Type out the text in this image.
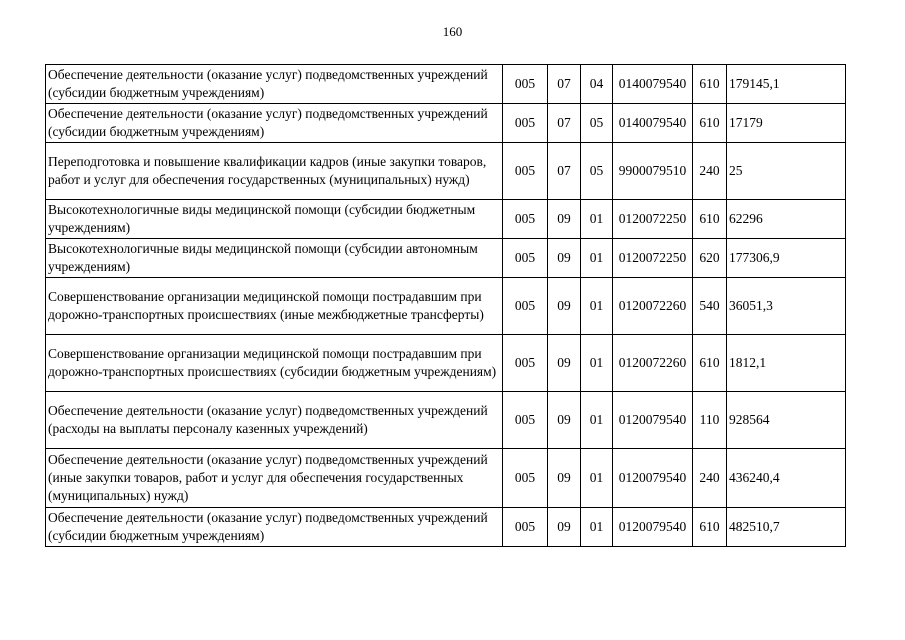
160
Обеспечение деятельности (оказание услуг) подведомственных учреждений (субсидии бюджетным учреждениям)	005	07	04	0140079540	610	179145,1
Обеспечение деятельности (оказание услуг) подведомственных учреждений (субсидии бюджетным учреждениям)	005	07	05	0140079540	610	17179
Переподготовка и повышение квалификации кадров (иные закупки товаров, работ и услуг для обеспечения государственных (муниципальных) нужд)	005	07	05	9900079510	240	25
Высокотехнологичные виды медицинской помощи (субсидии бюджетным учреждениям)	005	09	01	0120072250	610	62296
Высокотехнологичные виды медицинской помощи (субсидии автономным учреждениям)	005	09	01	0120072250	620	177306,9
Совершенствование организации медицинской помощи пострадавшим при дорожно-транспортных происшествиях (иные межбюджетные трансферты)	005	09	01	0120072260	540	36051,3
Совершенствование организации медицинской помощи пострадавшим при дорожно-транспортных происшествиях (субсидии бюджетным учреждениям)	005	09	01	0120072260	610	1812,1
Обеспечение деятельности (оказание услуг) подведомственных учреждений (расходы на выплаты персоналу казенных учреждений)	005	09	01	0120079540	110	928564
Обеспечение деятельности (оказание услуг) подведомственных учреждений (иные закупки товаров, работ и услуг для обеспечения государственных (муниципальных) нужд)	005	09	01	0120079540	240	436240,4
Обеспечение деятельности (оказание услуг) подведомственных учреждений (субсидии бюджетным учреждениям)	005	09	01	0120079540	610	482510,7
